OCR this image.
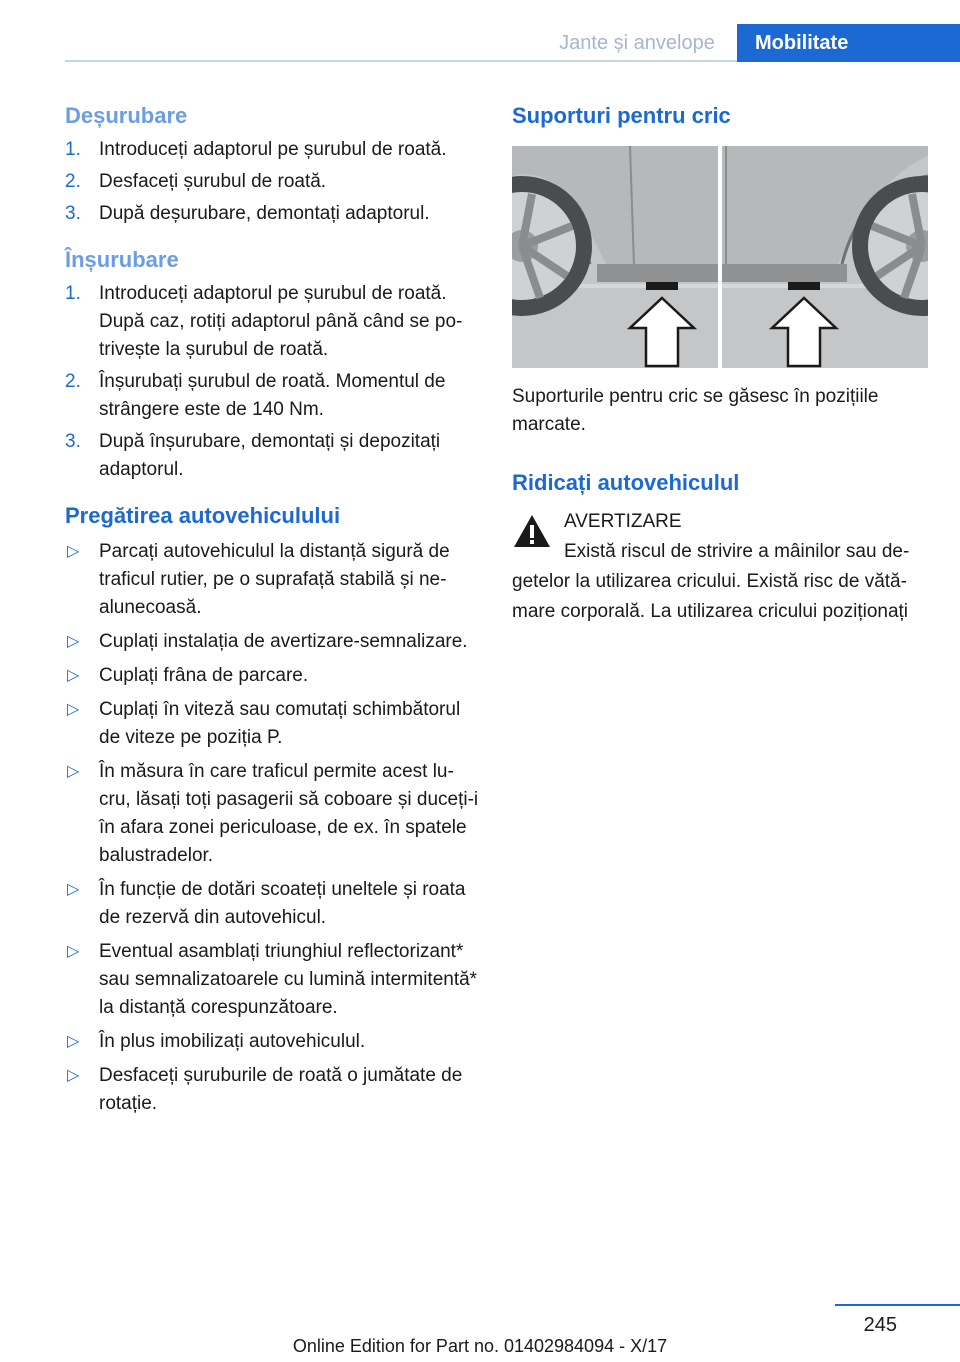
Jante și anvelope	Mobilitate
Deșurubare
1. Introduceți adaptorul pe șurubul de roată.
2. Desfaceți șurubul de roată.
3. După deșurubare, demontați adaptorul.
Înșurubare
1. Introduceți adaptorul pe șurubul de roată. După caz, rotiți adaptorul până când se potrivește la șurubul de roată.
2. Înșurubați șurubul de roată. Momentul de strângere este de 140 Nm.
3. După înșurubare, demontați și depozitați adaptorul.
Pregătirea autovehiculului
▷ Parcați autovehiculul la distanță sigură de traficul rutier, pe o suprafață stabilă și nealunecoasă.
▷ Cuplați instalația de avertizare-semnalizare.
▷ Cuplați frâna de parcare.
▷ Cuplați în viteză sau comutați schimbătorul de viteze pe poziția P.
▷ În măsura în care traficul permite acest lucru, lăsați toți pasagerii să coboare și duceți-i în afara zonei periculoase, de ex. în spatele balustradelor.
▷ În funcție de dotări scoateți uneltele și roata de rezervă din autovehicul.
▷ Eventual asamblați triunghiul reflectorizant* sau semnalizatoarele cu lumină intermitentă* la distanță corespunzătoare.
▷ În plus imobilizați autovehiculul.
▷ Desfaceți șuruburile de roată o jumătate de rotație.
Suporturi pentru cric

Suporturile pentru cric se găsesc în pozițiile marcate.

Ridicați autovehiculul
AVERTIZARE
Există riscul de strivire a mâinilor sau degetelor la utilizarea cricului. Există risc de vătămare corporală. La utilizarea cricului poziționați
245
Online Edition for Part no. 01402984094 - X/17
